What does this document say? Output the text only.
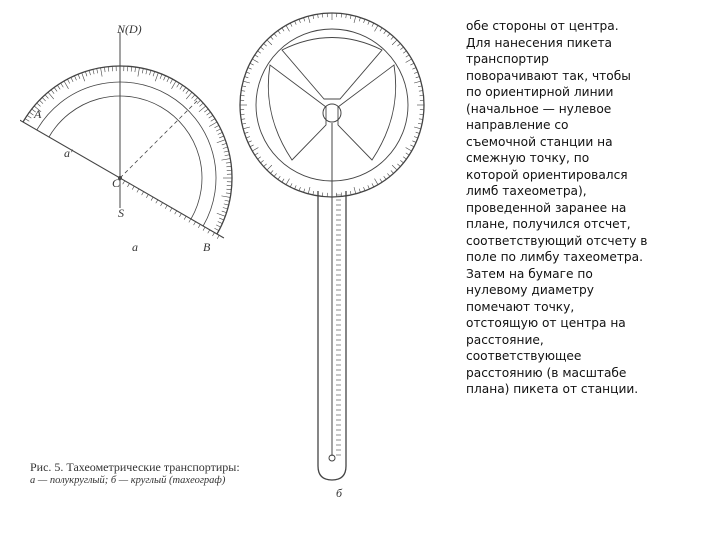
N(D)
S
C
A
B
a'
а
б
Рис. 5. Тахеометрические транспортиры:
а — полукруглый; б — круглый (тахеограф)

обе стороны от центра.

Для нанесения пикета

транспортир

поворачивают так, чтобы

по ориентирной линии

(начальное — нулевое

направление со

съемочной станции на

смежную точку, по

которой ориентировался

лимб тахеометра),

проведенной заранее на

плане, получился отсчет,

соответствующий отсчету в

поле по лимбу тахеометра.

Затем на бумаге по

нулевому диаметру

помечают точку,

отстоящую от центра на

расстояние,

соответствующее

расстоянию (в масштабе

плана) пикета от станции.
